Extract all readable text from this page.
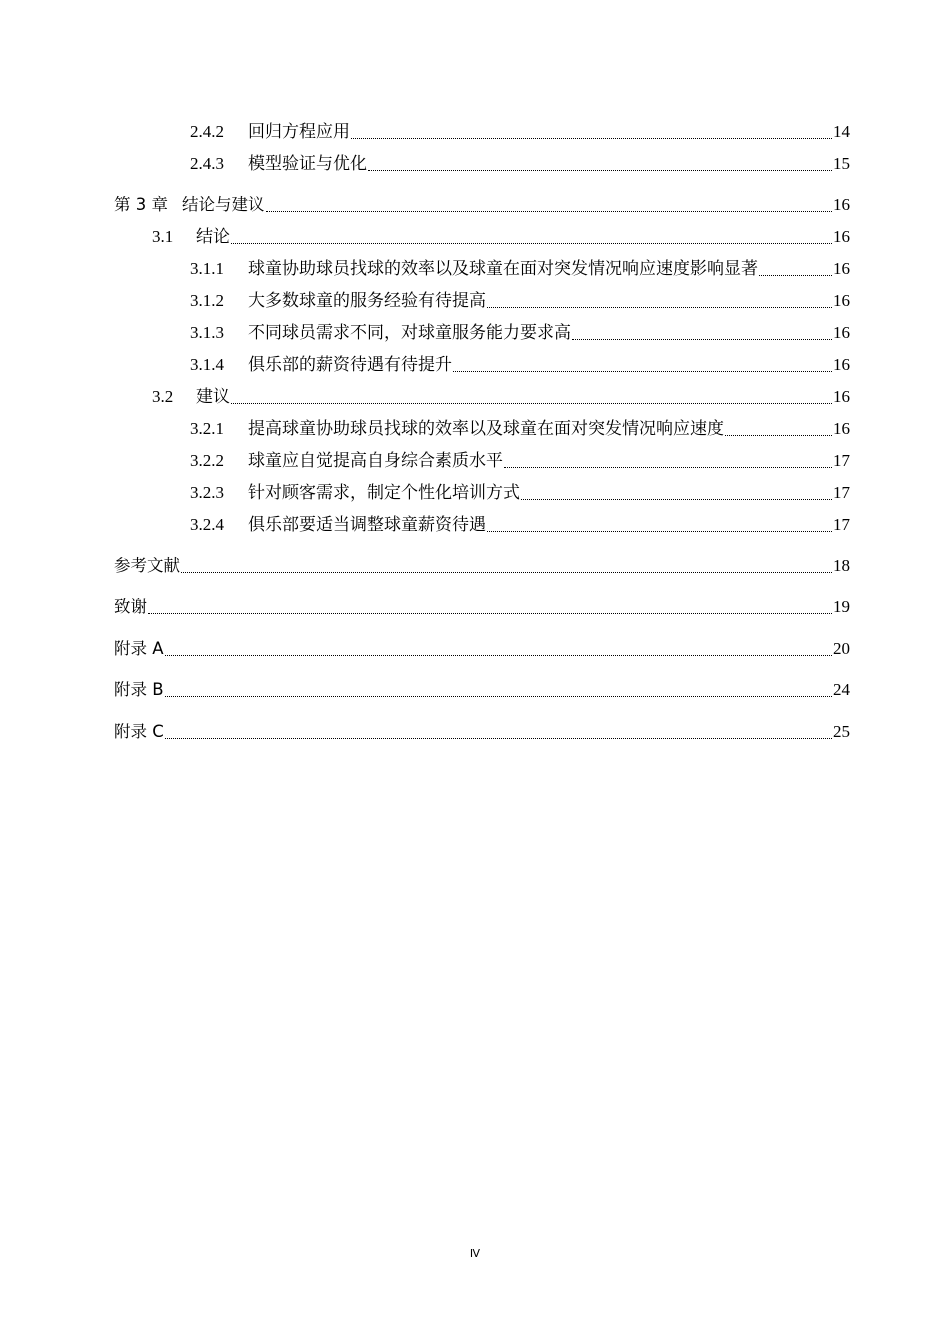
2.4.2	回归方程应用	14
2.4.3	模型验证与优化	15
第 3 章 结论与建议	16
3.1	结论	16
3.1.1	球童协助球员找球的效率以及球童在面对突发情况响应速度影响显著	16
3.1.2	大多数球童的服务经验有待提高	16
3.1.3	不同球员需求不同，对球童服务能力要求高	16
3.1.4	俱乐部的薪资待遇有待提升	16
3.2	建议	16
3.2.1	提高球童协助球员找球的效率以及球童在面对突发情况响应速度	16
3.2.2	球童应自觉提高自身综合素质水平	17
3.2.3	针对顾客需求，制定个性化培训方式	17
3.2.4	俱乐部要适当调整球童薪资待遇	17
参考文献	18
致谢	19
附录 A	20
附录 B	24
附录 C	25
Ⅳ
